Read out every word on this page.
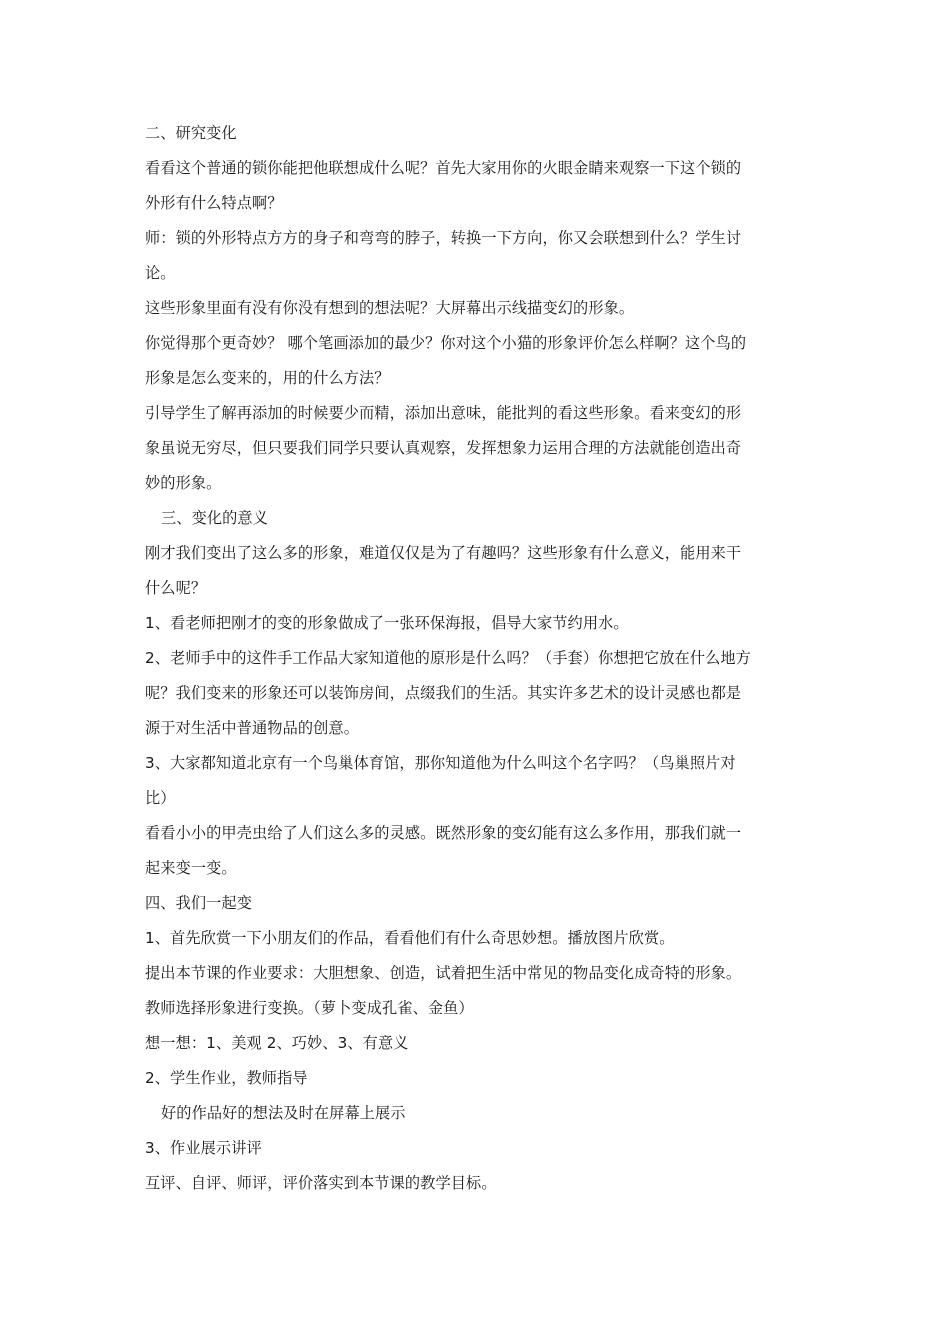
二、研究变化
看看这个普通的锁你能把他联想成什么呢？首先大家用你的火眼金睛来观察一下这个锁的
外形有什么特点啊？
师：锁的外形特点方方的身子和弯弯的脖子，转换一下方向，你又会联想到什么？学生讨
论。
这些形象里面有没有你没有想到的想法呢？大屏幕出示线描变幻的形象。
你觉得那个更奇妙？ 哪个笔画添加的最少？你对这个小猫的形象评价怎么样啊？这个鸟的
形象是怎么变来的，用的什么方法？
引导学生了解再添加的时候要少而精，添加出意味，能批判的看这些形象。看来变幻的形
象虽说无穷尽，但只要我们同学只要认真观察，发挥想象力运用合理的方法就能创造出奇
妙的形象。
三、变化的意义
刚才我们变出了这么多的形象，难道仅仅是为了有趣吗？这些形象有什么意义，能用来干
什么呢？
1、看老师把刚才的变的形象做成了一张环保海报，倡导大家节约用水。
2、老师手中的这件手工作品大家知道他的原形是什么吗？（手套）你想把它放在什么地方
呢？我们变来的形象还可以装饰房间，点缀我们的生活。其实许多艺术的设计灵感也都是
源于对生活中普通物品的创意。
3、大家都知道北京有一个鸟巢体育馆，那你知道他为什么叫这个名字吗？（鸟巢照片对
比）
看看小小的甲壳虫给了人们这么多的灵感。既然形象的变幻能有这么多作用，那我们就一
起来变一变。
四、我们一起变
1、首先欣赏一下小朋友们的作品，看看他们有什么奇思妙想。播放图片欣赏。
提出本节课的作业要求：大胆想象、创造，试着把生活中常见的物品变化成奇特的形象。
教师选择形象进行变换。（萝卜变成孔雀、金鱼）
想一想：1、美观 2、巧妙、3、有意义
2、学生作业，教师指导
好的作品好的想法及时在屏幕上展示
3、作业展示讲评
互评、自评、师评，评价落实到本节课的教学目标。
